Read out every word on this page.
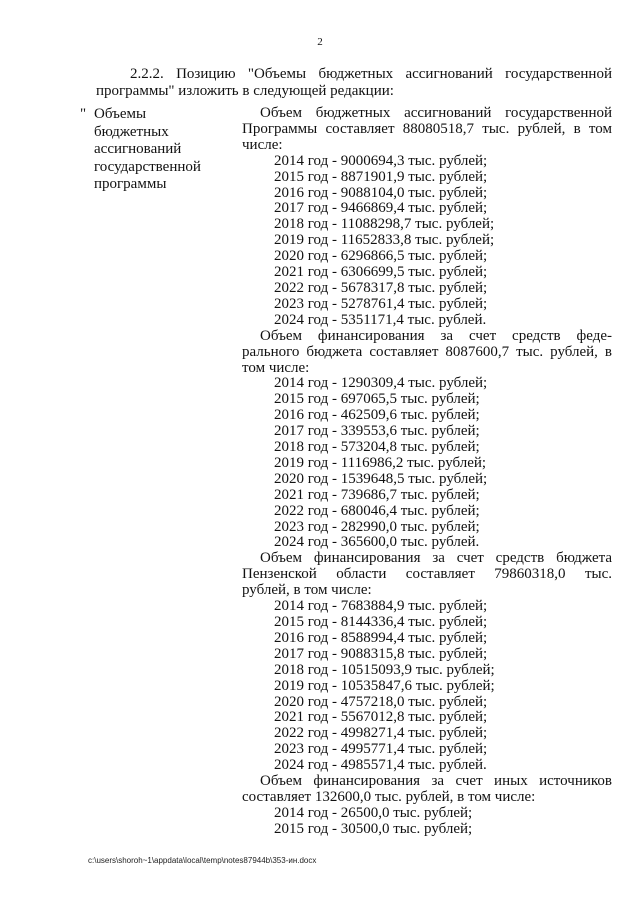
2
2.2.2. Позицию "Объемы бюджетных ассигнований государственной
программы" изложить в следующей редакции:
" Объемы
бюджетных
ассигнований
государственной
программы
Объем бюджетных ассигнований государственной
Программы составляет 88080518,7 тыс. рублей, в том
числе:
2014 год - 9000694,3 тыс. рублей;
2015 год - 8871901,9 тыс. рублей;
2016 год - 9088104,0 тыс. рублей;
2017 год - 9466869,4 тыс. рублей;
2018 год - 11088298,7 тыс. рублей;
2019 год - 11652833,8 тыс. рублей;
2020 год - 6296866,5 тыс. рублей;
2021 год - 6306699,5 тыс. рублей;
2022 год - 5678317,8 тыс. рублей;
2023 год - 5278761,4 тыс. рублей;
2024 год - 5351171,4 тыс. рублей.
Объем финансирования за счет средств феде-
рального бюджета составляет 8087600,7 тыс. рублей, в
том числе:
2014 год - 1290309,4 тыс. рублей;
2015 год - 697065,5 тыс. рублей;
2016 год - 462509,6 тыс. рублей;
2017 год - 339553,6 тыс. рублей;
2018 год - 573204,8 тыс. рублей;
2019 год - 1116986,2 тыс. рублей;
2020 год - 1539648,5 тыс. рублей;
2021 год - 739686,7 тыс. рублей;
2022 год - 680046,4 тыс. рублей;
2023 год - 282990,0 тыс. рублей;
2024 год - 365600,0 тыс. рублей.
Объем финансирования за счет средств бюджета
Пензенской области составляет 79860318,0 тыс.
рублей, в том числе:
2014 год - 7683884,9 тыс. рублей;
2015 год - 8144336,4 тыс. рублей;
2016 год - 8588994,4 тыс. рублей;
2017 год - 9088315,8 тыс. рублей;
2018 год - 10515093,9 тыс. рублей;
2019 год - 10535847,6 тыс. рублей;
2020 год - 4757218,0 тыс. рублей;
2021 год - 5567012,8 тыс. рублей;
2022 год - 4998271,4 тыс. рублей;
2023 год - 4995771,4 тыс. рублей;
2024 год - 4985571,4 тыс. рублей.
Объем финансирования за счет иных источников
составляет 132600,0 тыс. рублей, в том числе:
2014 год - 26500,0 тыс. рублей;
2015 год - 30500,0 тыс. рублей;
c:\users\shoroh~1\appdata\local\temp\notes87944b\353-ин.docx
